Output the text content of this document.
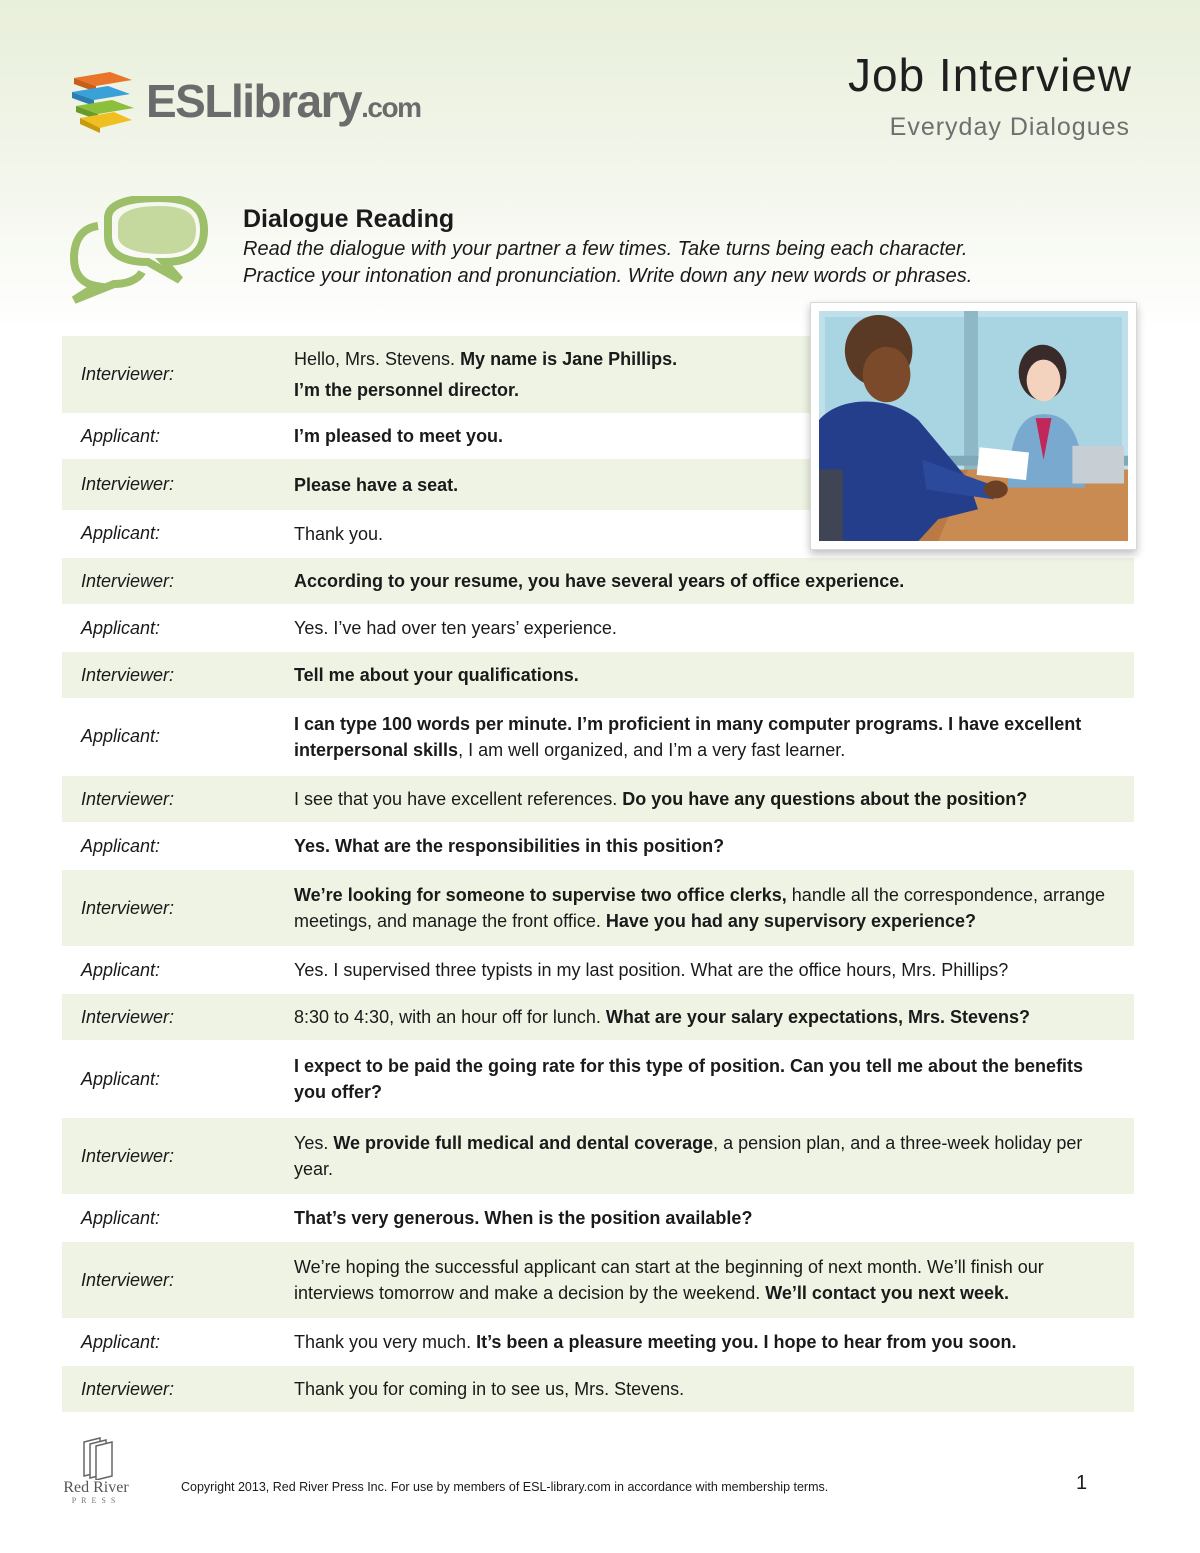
ESLlibrary.com
Job Interview
Everyday Dialogues
Dialogue Reading
Read the dialogue with your partner a few times. Take turns being each character.
Practice your intonation and pronunciation. Write down any new words or phrases.
Interviewer:
Hello, Mrs. Stevens. My name is Jane Phillips.
I’m the personnel director.
Applicant:	I’m pleased to meet you.
Interviewer:	Please have a seat.
Applicant:	Thank you.
Interviewer:	According to your resume, you have several years of office experience.
Applicant:	Yes. I’ve had over ten years’ experience.
Interviewer:	Tell me about your qualifications.
Applicant:
I can type 100 words per minute. I’m proficient in many computer programs. I have excellent interpersonal skills, I am well organized, and I’m a very fast learner.
Interviewer:	I see that you have excellent references. Do you have any questions about the position?
Applicant:	Yes. What are the responsibilities in this position?
Interviewer:
We’re looking for someone to supervise two office clerks, handle all the correspondence, arrange meetings, and manage the front office. Have you had any supervisory experience?
Applicant:	Yes. I supervised three typists in my last position. What are the office hours, Mrs. Phillips?
Interviewer:	8:30 to 4:30, with an hour off for lunch. What are your salary expectations, Mrs. Stevens?
Applicant:
I expect to be paid the going rate for this type of position. Can you tell me about the benefits you offer?
Interviewer:
Yes. We provide full medical and dental coverage, a pension plan, and a three-week holiday per year.
Applicant:	That’s very generous. When is the position available?
Interviewer:
We’re hoping the successful applicant can start at the beginning of next month. We’ll finish our interviews tomorrow and make a decision by the weekend. We’ll contact you next week.
Applicant:	Thank you very much. It’s been a pleasure meeting you. I hope to hear from you soon.
Interviewer:	Thank you for coming in to see us, Mrs. Stevens.
Red River
PRESS
Copyright 2013, Red River Press Inc. For use by members of ESL-library.com in accordance with membership terms.	1
